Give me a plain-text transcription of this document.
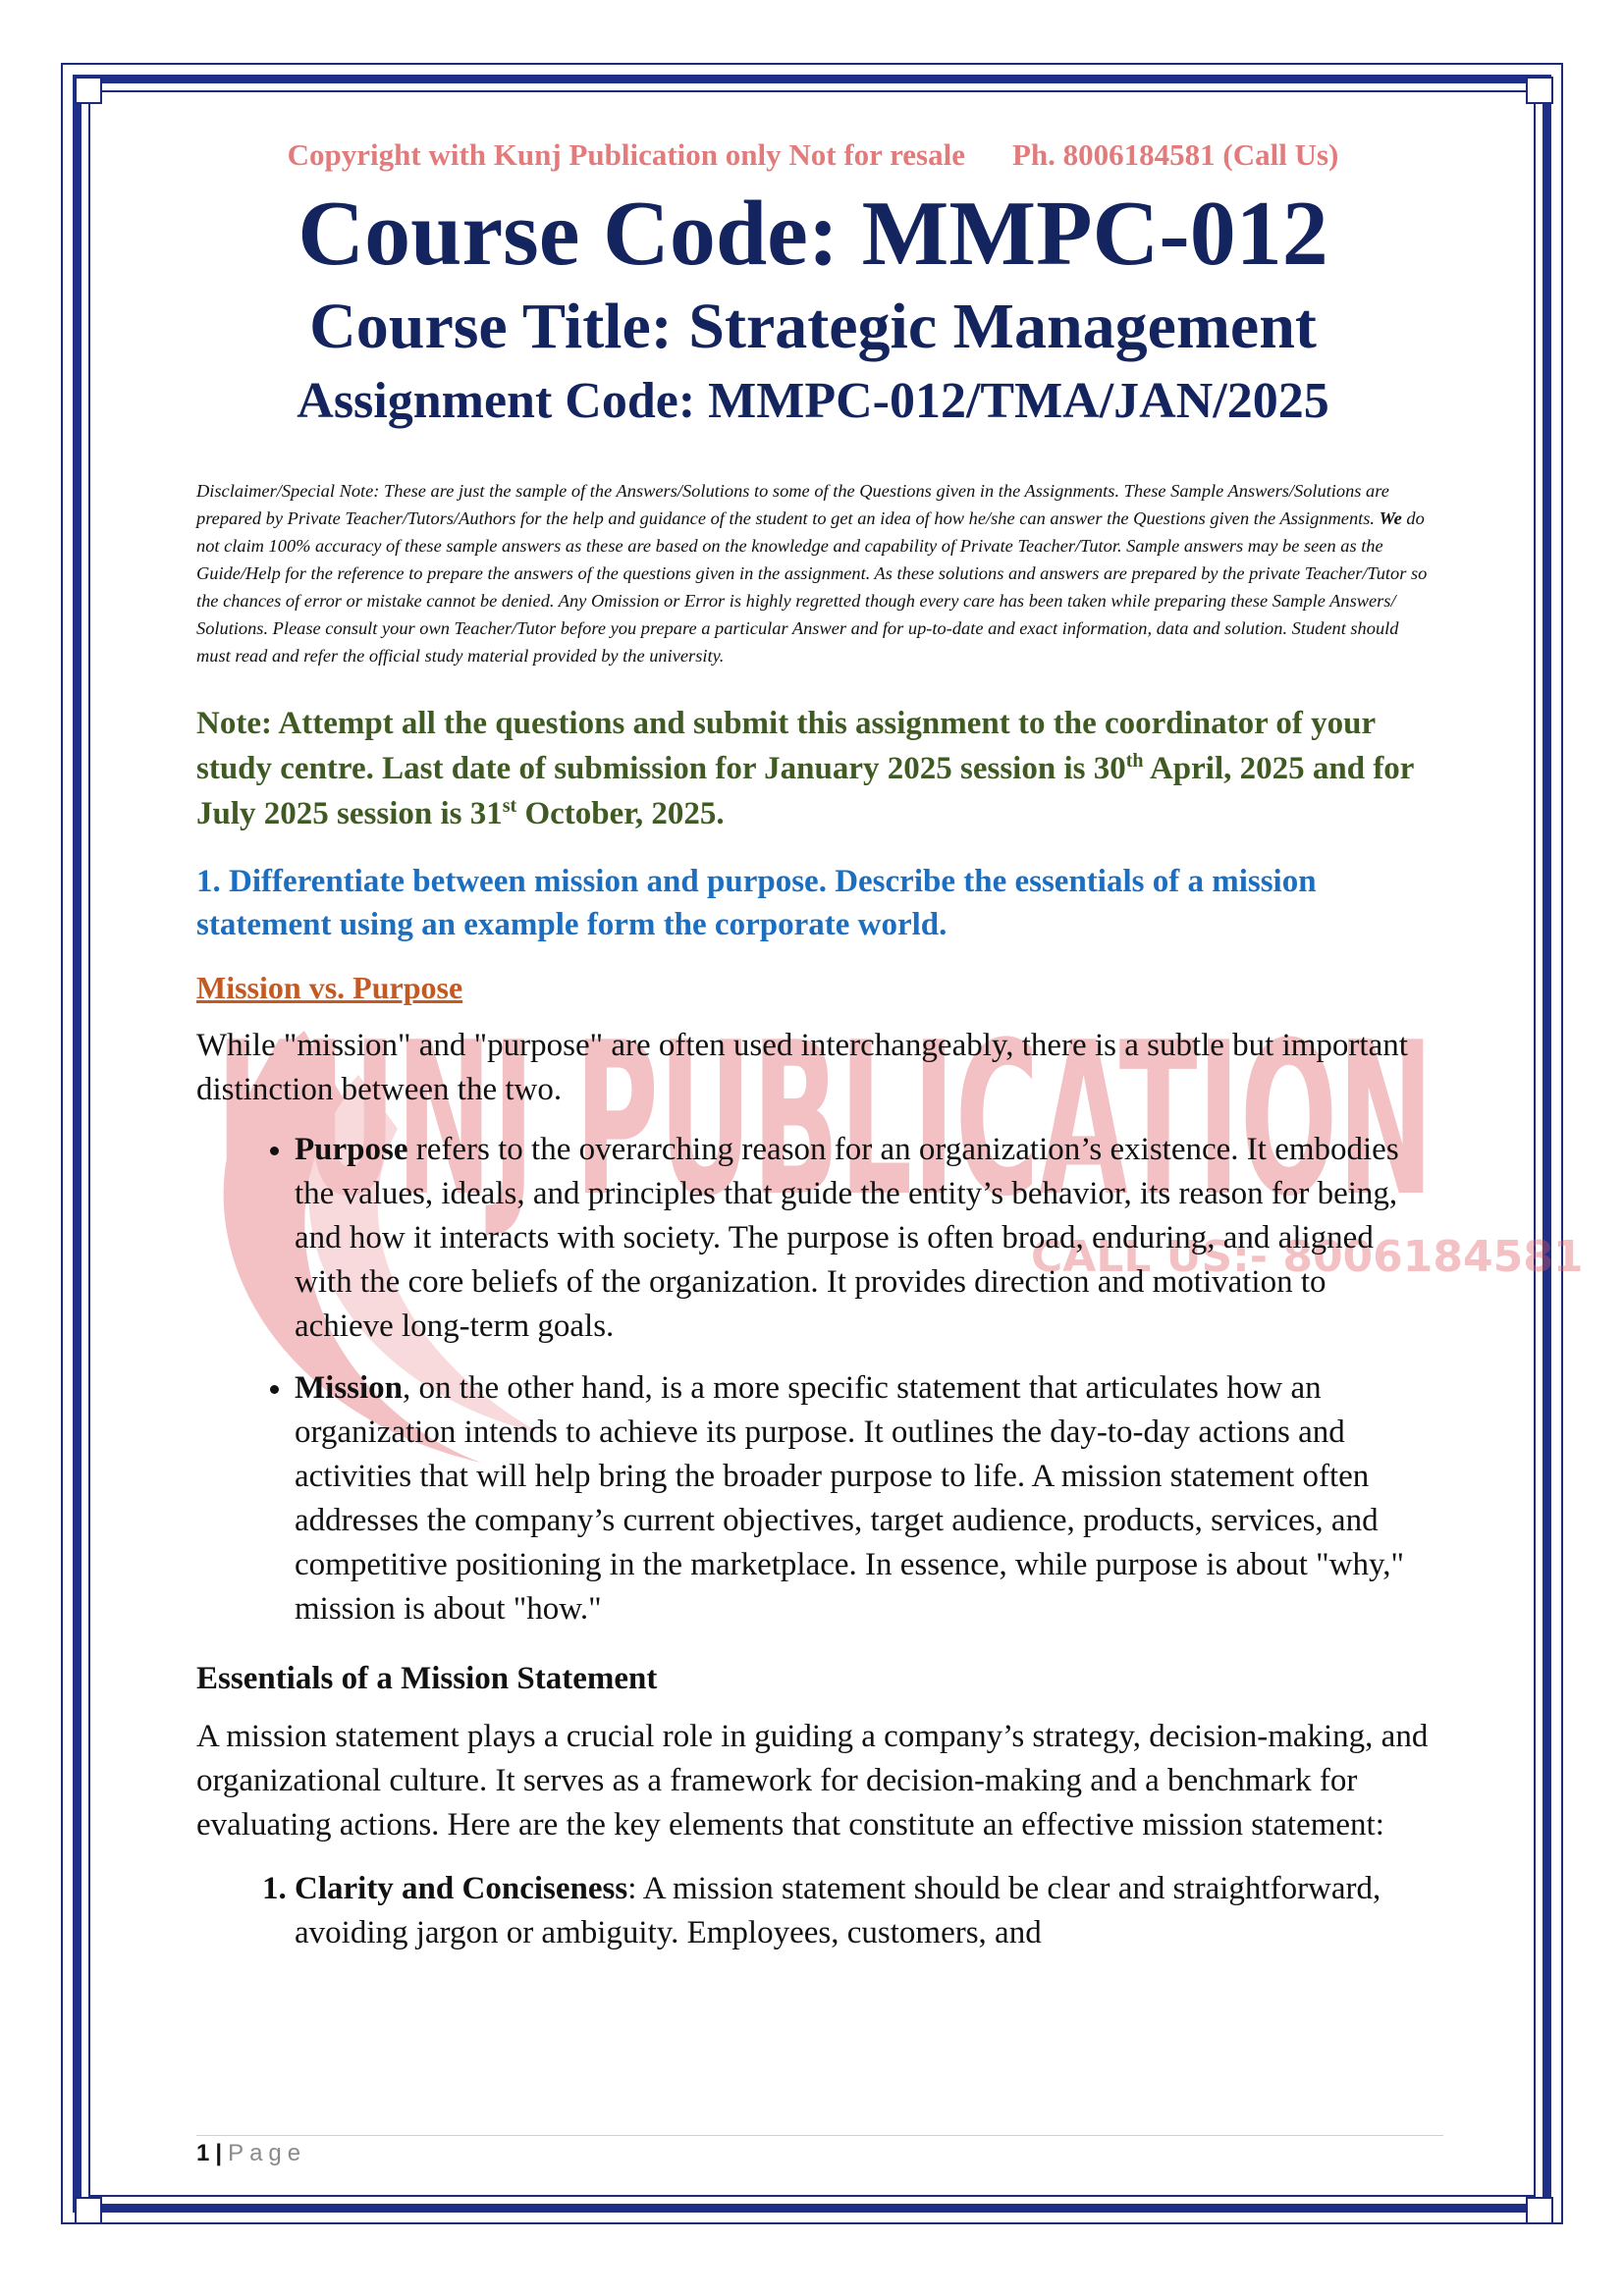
KUNJ PUBLICATION
CALL US:- 8006184581

Copyright with Kunj Publication only Not for resale Ph. 8006184581 (Call Us)

Course Code: MMPC-012
Course Title: Strategic Management
Assignment Code: MMPC-012/TMA/JAN/2025

Disclaimer/Special Note: These are just the sample of the Answers/Solutions to some of the Questions given in the Assignments. These Sample Answers/Solutions are prepared by Private Teacher/Tutors/Authors for the help and guidance of the student to get an idea of how he/she can answer the Questions given the Assignments. We do not claim 100% accuracy of these sample answers as these are based on the knowledge and capability of Private Teacher/Tutor. Sample answers may be seen as the Guide/Help for the reference to prepare the answers of the questions given in the assignment. As these solutions and answers are prepared by the private Teacher/Tutor so the chances of error or mistake cannot be denied. Any Omission or Error is highly regretted though every care has been taken while preparing these Sample Answers/ Solutions. Please consult your own Teacher/Tutor before you prepare a particular Answer and for up-to-date and exact information, data and solution. Student should must read and refer the official study material provided by the university.

Note: Attempt all the questions and submit this assignment to the coordinator of your study centre. Last date of submission for January 2025 session is 30th April, 2025 and for July 2025 session is 31st October, 2025.

1. Differentiate between mission and purpose. Describe the essentials of a mission statement using an example form the corporate world.

Mission vs. Purpose

While "mission" and "purpose" are often used interchangeably, there is a subtle but important distinction between the two.

• Purpose refers to the overarching reason for an organization’s existence. It embodies the values, ideals, and principles that guide the entity’s behavior, its reason for being, and how it interacts with society. The purpose is often broad, enduring, and aligned with the core beliefs of the organization. It provides direction and motivation to achieve long-term goals.
• Mission, on the other hand, is a more specific statement that articulates how an organization intends to achieve its purpose. It outlines the day-to-day actions and activities that will help bring the broader purpose to life. A mission statement often addresses the company’s current objectives, target audience, products, services, and competitive positioning in the marketplace. In essence, while purpose is about "why," mission is about "how."

Essentials of a Mission Statement

A mission statement plays a crucial role in guiding a company’s strategy, decision-making, and organizational culture. It serves as a framework for decision-making and a benchmark for evaluating actions. Here are the key elements that constitute an effective mission statement:

1. Clarity and Conciseness: A mission statement should be clear and straightforward, avoiding jargon or ambiguity. Employees, customers, and
1 | Page
